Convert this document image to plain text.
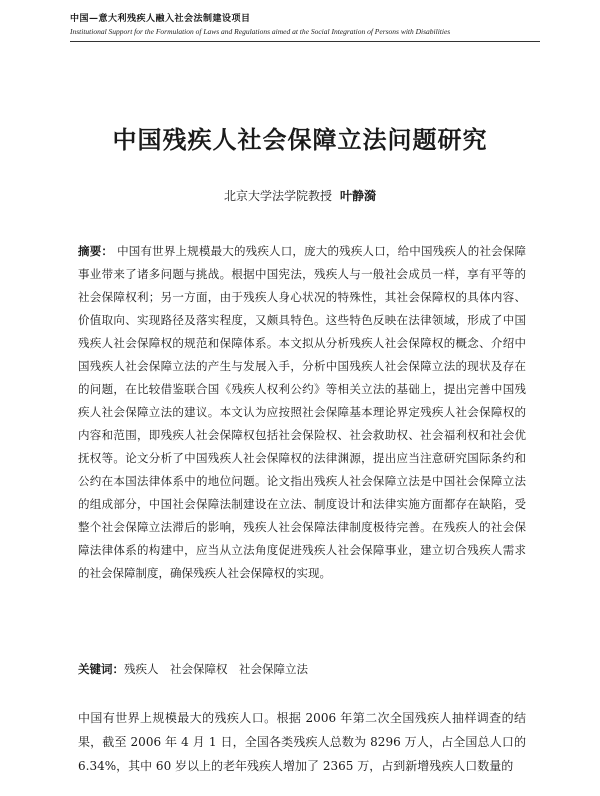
中国—意大利残疾人融入社会法制建设项目
Institutional Support for the Formulation of Laws and Regulations aimed at the Social Integration of Persons with Disabilities
中国残疾人社会保障立法问题研究
北京大学法学院教授 叶静漪
摘要： 中国有世界上规模最大的残疾人口，庞大的残疾人口，给中国残疾人的社会保障事业带来了诸多问题与挑战。根据中国宪法，残疾人与一般社会成员一样，享有平等的社会保障权利；另一方面，由于残疾人身心状况的特殊性，其社会保障权的具体内容、价值取向、实现路径及落实程度，又颇具特色。这些特色反映在法律领域，形成了中国残疾人社会保障权的规范和保障体系。本文拟从分析残疾人社会保障权的概念、介绍中国残疾人社会保障立法的产生与发展入手，分析中国残疾人社会保障立法的现状及存在的问题，在比较借鉴联合国《残疾人权利公约》等相关立法的基础上，提出完善中国残疾人社会保障立法的建议。本文认为应按照社会保障基本理论界定残疾人社会保障权的内容和范围，即残疾人社会保障权包括社会保险权、社会救助权、社会福利权和社会优抚权等。论文分析了中国残疾人社会保障权的法律渊源，提出应当注意研究国际条约和公约在本国法律体系中的地位问题。论文指出残疾人社会保障立法是中国社会保障立法的组成部分，中国社会保障法制建设在立法、制度设计和法律实施方面都存在缺陷，受整个社会保障立法滞后的影响，残疾人社会保障法律制度极待完善。在残疾人的社会保障法律体系的构建中，应当从立法角度促进残疾人社会保障事业，建立切合残疾人需求的社会保障制度，确保残疾人社会保障权的实现。
关键词：残疾人　社会保障权　社会保障立法
中国有世界上规模最大的残疾人口。根据 2006 年第二次全国残疾人抽样调查的结果，截至 2006 年 4 月 1 日，全国各类残疾人总数为 8296 万人，占全国总人口的 6.34%，其中 60 岁以上的老年残疾人增加了 2365 万，占到新增残疾人口数量的
